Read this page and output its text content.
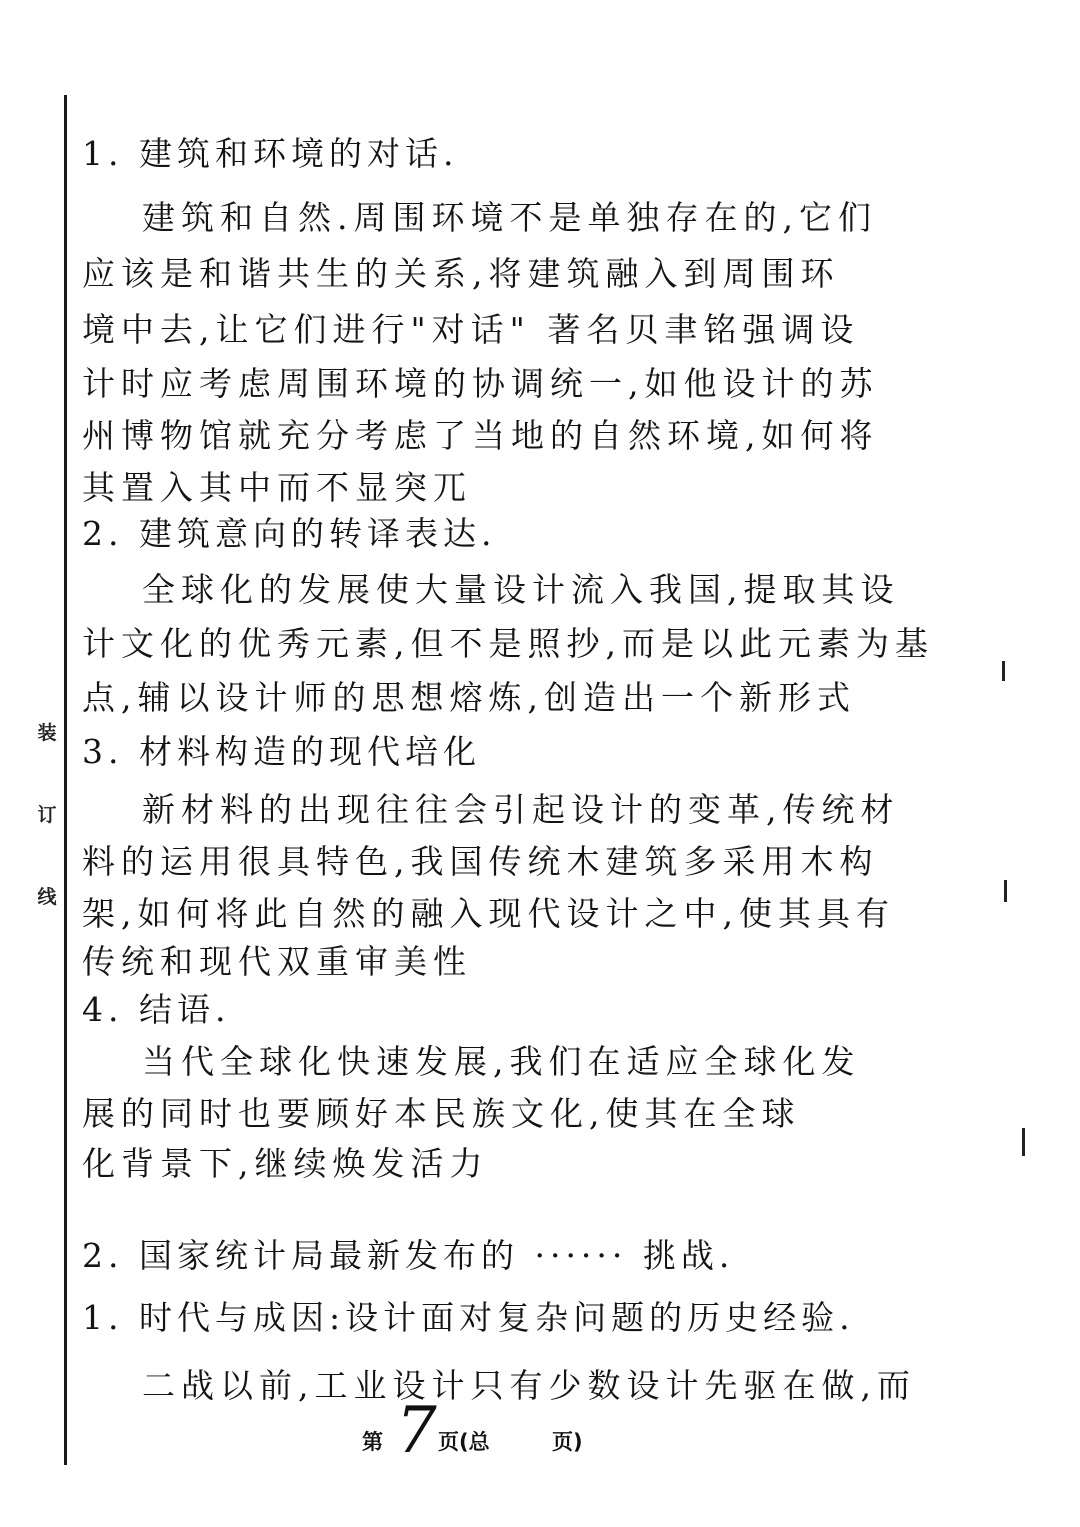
装
订
线
1. 建筑和环境的对话.
建筑和自然.周围环境不是单独存在的,它们
应该是和谐共生的关系,将建筑融入到周围环
境中去,让它们进行"对话" 著名贝聿铭强调设
计时应考虑周围环境的协调统一,如他设计的苏
州博物馆就充分考虑了当地的自然环境,如何将
其置入其中而不显突兀
2. 建筑意向的转译表达.
全球化的发展使大量设计流入我国,提取其设
计文化的优秀元素,但不是照抄,而是以此元素为基
点,辅以设计师的思想熔炼,创造出一个新形式
3. 材料构造的现代培化
新材料的出现往往会引起设计的变革,传统材
料的运用很具特色,我国传统木建筑多采用木构
架,如何将此自然的融入现代设计之中,使其具有
传统和现代双重审美性
4. 结语.
当代全球化快速发展,我们在适应全球化发
展的同时也要顾好本民族文化,使其在全球
化背景下,继续焕发活力
2. 国家统计局最新发布的 ······ 挑战.
1. 时代与成因:设计面对复杂问题的历史经验.
二战以前,工业设计只有少数设计先驱在做,而
第 7 页(总	页)
